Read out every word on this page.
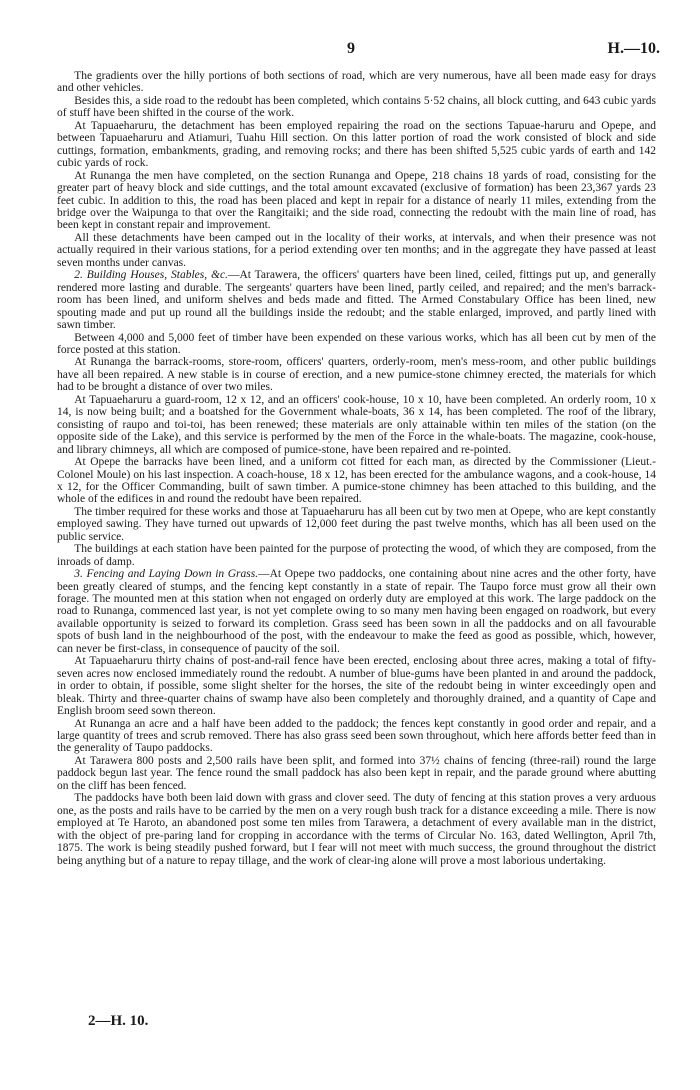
9	H.—10.

The gradients over the hilly portions of both sections of road, which are very numerous, have all been made easy for drays and other vehicles.

Besides this, a side road to the redoubt has been completed, which contains 5·52 chains, all block cutting, and 643 cubic yards of stuff have been shifted in the course of the work.

At Tapuaeharuru, the detachment has been employed repairing the road on the sections Tapuae-haruru and Opepe, and between Tapuaeharuru and Atiamuri, Tuahu Hill section. On this latter portion of road the work consisted of block and side cuttings, formation, embankments, grading, and removing rocks; and there has been shifted 5,525 cubic yards of earth and 142 cubic yards of rock.

At Runanga the men have completed, on the section Runanga and Opepe, 218 chains 18 yards of road, consisting for the greater part of heavy block and side cuttings, and the total amount excavated (exclusive of formation) has been 23,367 yards 23 feet cubic. In addition to this, the road has been placed and kept in repair for a distance of nearly 11 miles, extending from the bridge over the Waipunga to that over the Rangitaiki; and the side road, connecting the redoubt with the main line of road, has been kept in constant repair and improvement.

All these detachments have been camped out in the locality of their works, at intervals, and when their presence was not actually required in their various stations, for a period extending over ten months; and in the aggregate they have passed at least seven months under canvas.

2. Building Houses, Stables, &c.—At Tarawera, the officers' quarters have been lined, ceiled, fittings put up, and generally rendered more lasting and durable. The sergeants' quarters have been lined, partly ceiled, and repaired; and the men's barrack-room has been lined, and uniform shelves and beds made and fitted. The Armed Constabulary Office has been lined, new spouting made and put up round all the buildings inside the redoubt; and the stable enlarged, improved, and partly lined with sawn timber.

Between 4,000 and 5,000 feet of timber have been expended on these various works, which has all been cut by men of the force posted at this station.

At Runanga the barrack-rooms, store-room, officers' quarters, orderly-room, men's mess-room, and other public buildings have all been repaired. A new stable is in course of erection, and a new pumice-stone chimney erected, the materials for which had to be brought a distance of over two miles.

At Tapuaeharuru a guard-room, 12 x 12, and an officers' cook-house, 10 x 10, have been completed. An orderly room, 10 x 14, is now being built; and a boatshed for the Government whale-boats, 36 x 14, has been completed. The roof of the library, consisting of raupo and toi-toi, has been renewed; these materials are only attainable within ten miles of the station (on the opposite side of the Lake), and this service is performed by the men of the Force in the whale-boats. The magazine, cook-house, and library chimneys, all which are composed of pumice-stone, have been repaired and re-pointed.

At Opepe the barracks have been lined, and a uniform cot fitted for each man, as directed by the Commissioner (Lieut.-Colonel Moule) on his last inspection. A coach-house, 18 x 12, has been erected for the ambulance wagons, and a cook-house, 14 x 12, for the Officer Commanding, built of sawn timber. A pumice-stone chimney has been attached to this building, and the whole of the edifices in and round the redoubt have been repaired.

The timber required for these works and those at Tapuaeharuru has all been cut by two men at Opepe, who are kept constantly employed sawing. They have turned out upwards of 12,000 feet during the past twelve months, which has all been used on the public service.

The buildings at each station have been painted for the purpose of protecting the wood, of which they are composed, from the inroads of damp.

3. Fencing and Laying Down in Grass.—At Opepe two paddocks, one containing about nine acres and the other forty, have been greatly cleared of stumps, and the fencing kept constantly in a state of repair. The Taupo force must grow all their own forage. The mounted men at this station when not engaged on orderly duty are employed at this work. The large paddock on the road to Runanga, commenced last year, is not yet complete owing to so many men having been engaged on roadwork, but every available opportunity is seized to forward its completion. Grass seed has been sown in all the paddocks and on all favourable spots of bush land in the neighbourhood of the post, with the endeavour to make the feed as good as possible, which, however, can never be first-class, in consequence of paucity of the soil.

At Tapuaeharuru thirty chains of post-and-rail fence have been erected, enclosing about three acres, making a total of fifty-seven acres now enclosed immediately round the redoubt. A number of blue-gums have been planted in and around the paddock, in order to obtain, if possible, some slight shelter for the horses, the site of the redoubt being in winter exceedingly open and bleak. Thirty and three-quarter chains of swamp have also been completely and thoroughly drained, and a quantity of Cape and English broom seed sown thereon.

At Runanga an acre and a half have been added to the paddock; the fences kept constantly in good order and repair, and a large quantity of trees and scrub removed. There has also grass seed been sown throughout, which here affords better feed than in the generality of Taupo paddocks.

At Tarawera 800 posts and 2,500 rails have been split, and formed into 37½ chains of fencing (three-rail) round the large paddock begun last year. The fence round the small paddock has also been kept in repair, and the parade ground where abutting on the cliff has been fenced.

The paddocks have both been laid down with grass and clover seed. The duty of fencing at this station proves a very arduous one, as the posts and rails have to be carried by the men on a very rough bush track for a distance exceeding a mile. There is now employed at Te Haroto, an abandoned post some ten miles from Tarawera, a detachment of every available man in the district, with the object of pre-paring land for cropping in accordance with the terms of Circular No. 163, dated Wellington, April 7th, 1875. The work is being steadily pushed forward, but I fear will not meet with much success, the ground throughout the district being anything but of a nature to repay tillage, and the work of clear-ing alone will prove a most laborious undertaking.

2—H. 10.
